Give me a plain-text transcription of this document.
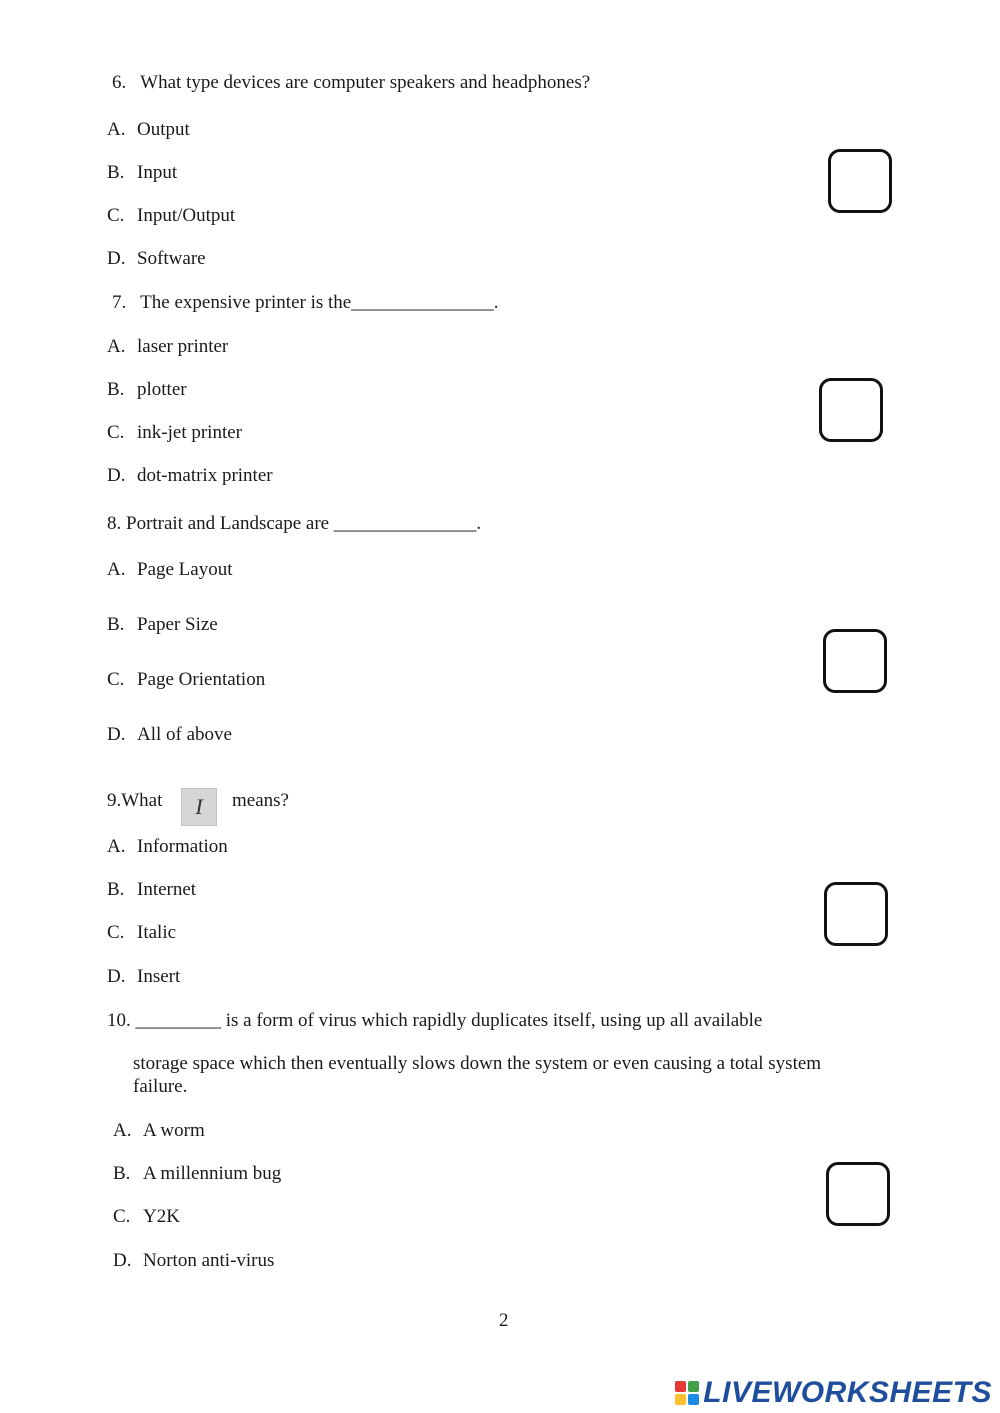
6. What type devices are computer speakers and headphones?
A. Output
B. Input
C. Input/Output
D. Software
7. The expensive printer is the_______________.
A. laser printer
B. plotter
C. ink-jet printer
D. dot-matrix printer
8. Portrait and Landscape are _______________.
A. Page Layout
B. Paper Size
C. Page Orientation
D. All of above
9.What I means?
A. Information
B. Internet
C. Italic
D. Insert
10. _________ is a form of virus which rapidly duplicates itself, using up all available
storage space which then eventually slows down the system or even causing a total system
failure.
A. A worm
B. A millennium bug
C. Y2K
D. Norton anti-virus
2
LIVEWORKSHEETS
